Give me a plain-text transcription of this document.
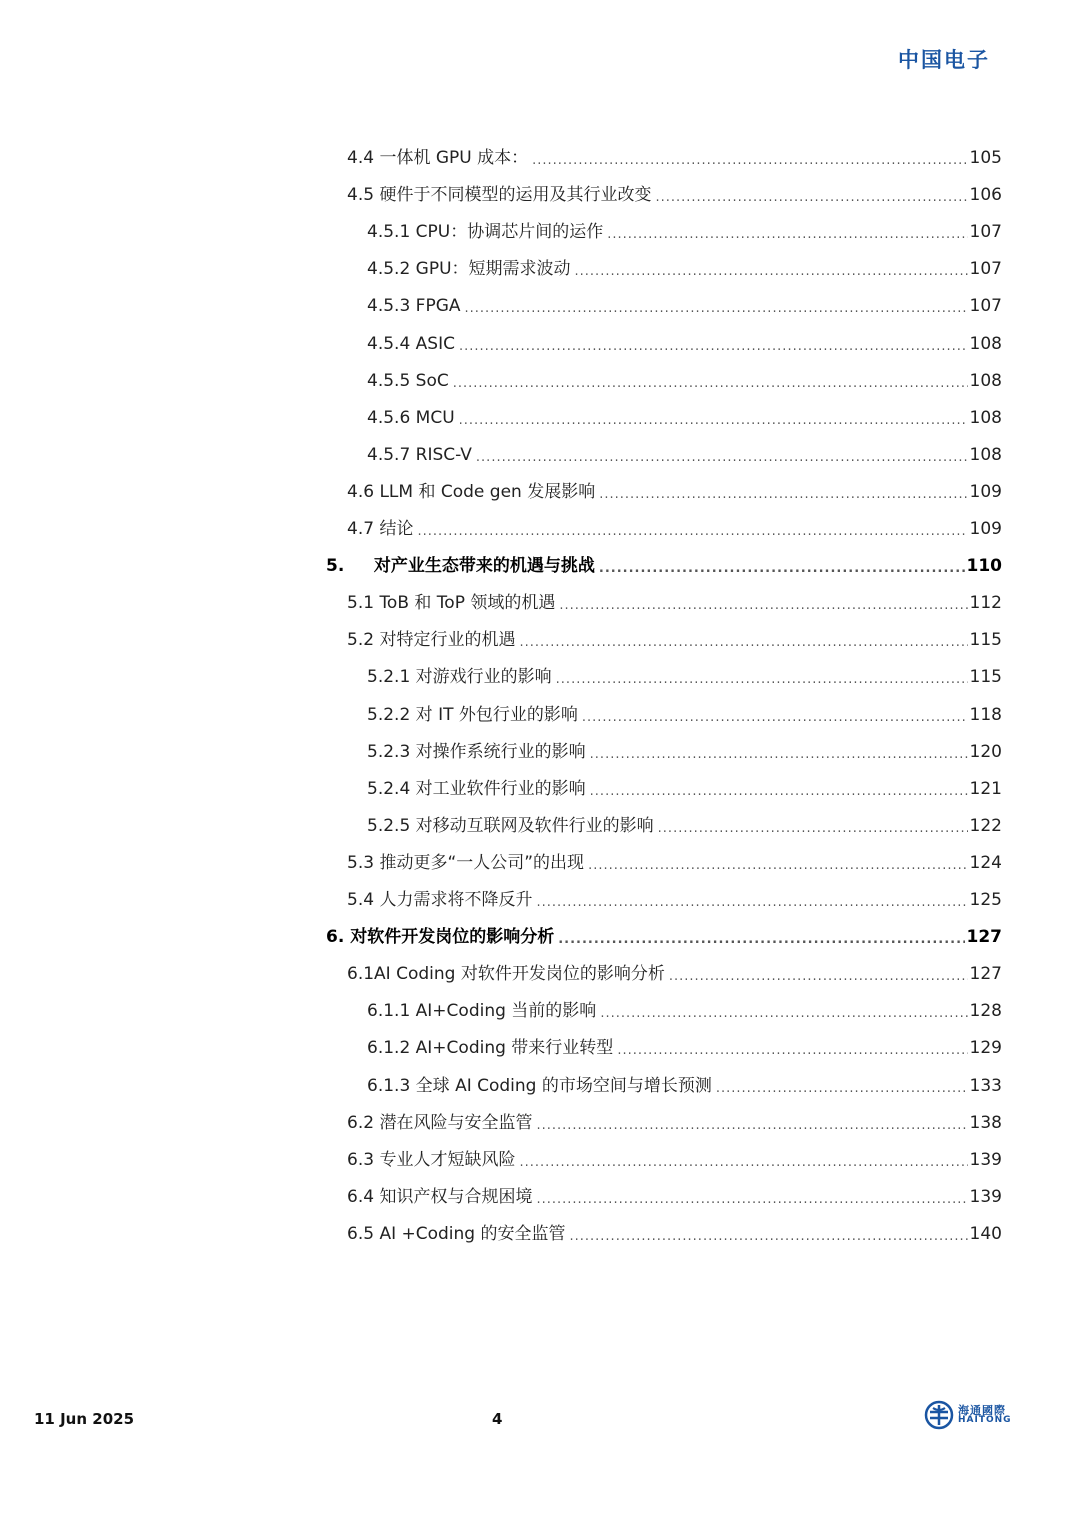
中国电子
4.4 一体机 GPU 成本： .....	105
4.5 硬件于不同模型的运用及其行业改变 .....	106
4.5.1 CPU：协调芯片间的运作 .....	107
4.5.2 GPU：短期需求波动 .....	107
4.5.3 FPGA .....	107
4.5.4 ASIC .....	108
4.5.5 SoC .....	108
4.5.6 MCU .....	108
4.5.7 RISC-V .....	108
4.6 LLM 和 Code gen 发展影响 .....	109
4.7 结论 .....	109
5.     对产业生态带来的机遇与挑战 .....	110
5.1 ToB 和 ToP 领域的机遇 .....	112
5.2 对特定行业的机遇 .....	115
5.2.1 对游戏行业的影响 .....	115
5.2.2 对 IT 外包行业的影响 .....	118
5.2.3 对操作系统行业的影响 .....	120
5.2.4 对工业软件行业的影响 .....	121
5.2.5 对移动互联网及软件行业的影响 .....	122
5.3 推动更多“一人公司”的出现 .....	124
5.4 人力需求将不降反升 .....	125
6. 对软件开发岗位的影响分析 .....	127
6.1AI Coding 对软件开发岗位的影响分析 .....	127
6.1.1 AI+Coding 当前的影响 .....	128
6.1.2 AI+Coding 带来行业转型 .....	129
6.1.3 全球 AI Coding 的市场空间与增长预测 .....	133
6.2 潜在风险与安全监管 .....	138
6.3 专业人才短缺风险 .....	139
6.4 知识产权与合规困境 .....	139
6.5 AI +Coding 的安全监管 .....	140
11 Jun 2025	4	海通國際
HAITONG
